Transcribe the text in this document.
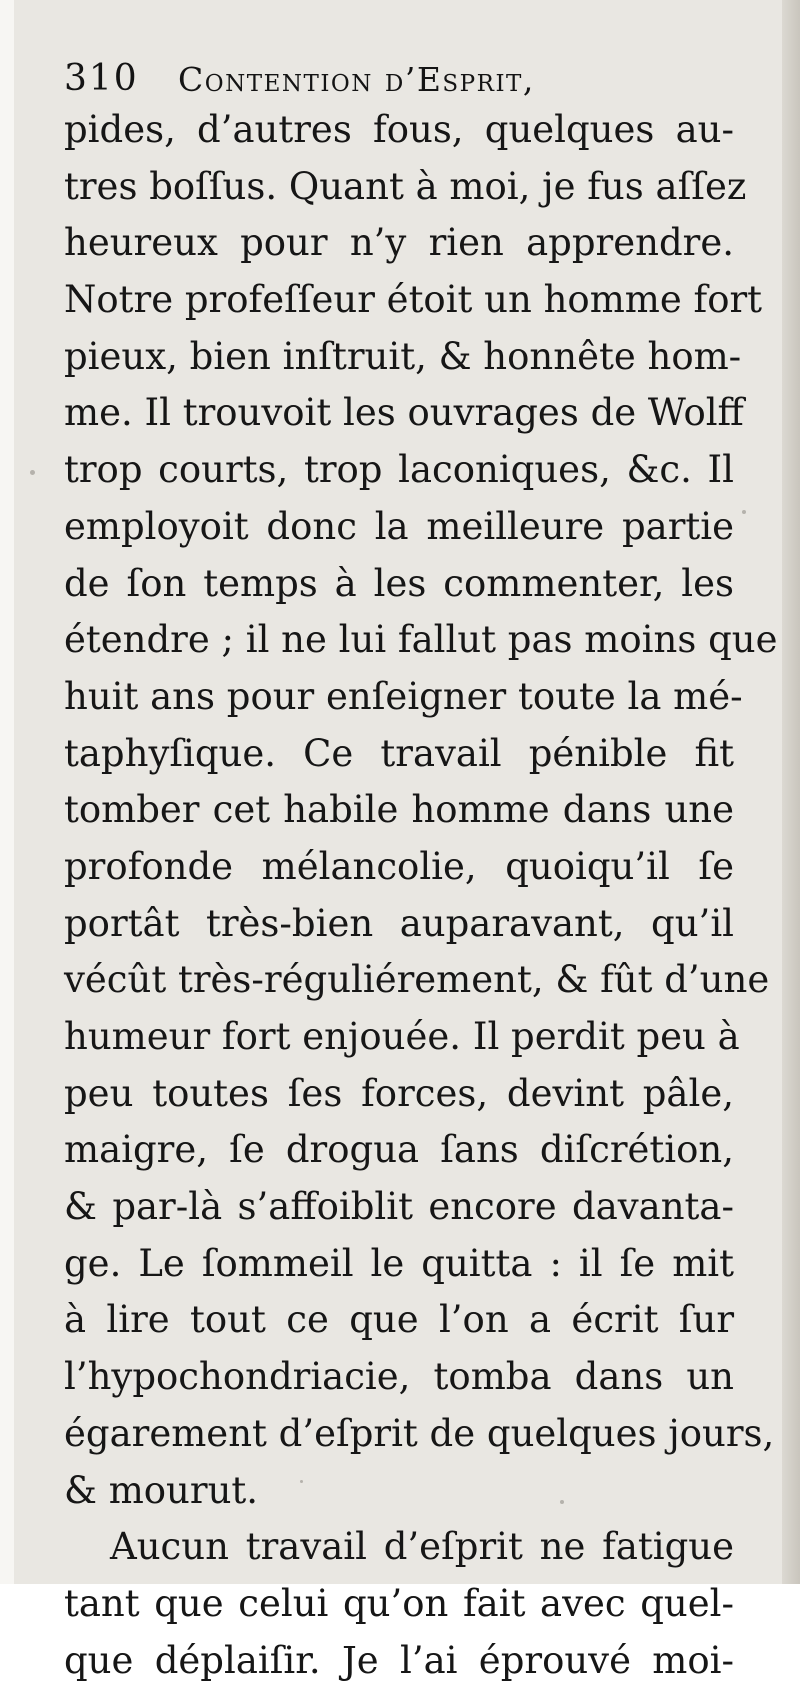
310 Contention d’Esprit,
pides, d’autres fous, quelques au-
tres boſſus. Quant à moi, je fus aſſez
heureux pour n’y rien apprendre.
Notre profeſſeur étoit un homme fort
pieux, bien inſtruit, & honnête hom-
me. Il trouvoit les ouvrages de Wolff
trop courts, trop laconiques, &c. Il
employoit donc la meilleure partie
de ſon temps à les commenter, les
étendre ; il ne lui fallut pas moins que
huit ans pour enſeigner toute la mé-
taphyſique. Ce travail pénible fit
tomber cet habile homme dans une
profonde mélancolie, quoiqu’il ſe
portât très-bien auparavant, qu’il
vécût très-réguliérement, & fût d’une
humeur fort enjouée. Il perdit peu à
peu toutes ſes forces, devint pâle,
maigre, ſe drogua ſans diſcrétion,
& par-là s’affoiblit encore davanta-
ge. Le ſommeil le quitta : il ſe mit
à lire tout ce que l’on a écrit ſur
l’hypochondriacie, tomba dans un
égarement d’eſprit de quelques jours,
& mourut.
Aucun travail d’eſprit ne fatigue
tant que celui qu’on fait avec quel-
que déplaiſir. Je l’ai éprouvé moi-
